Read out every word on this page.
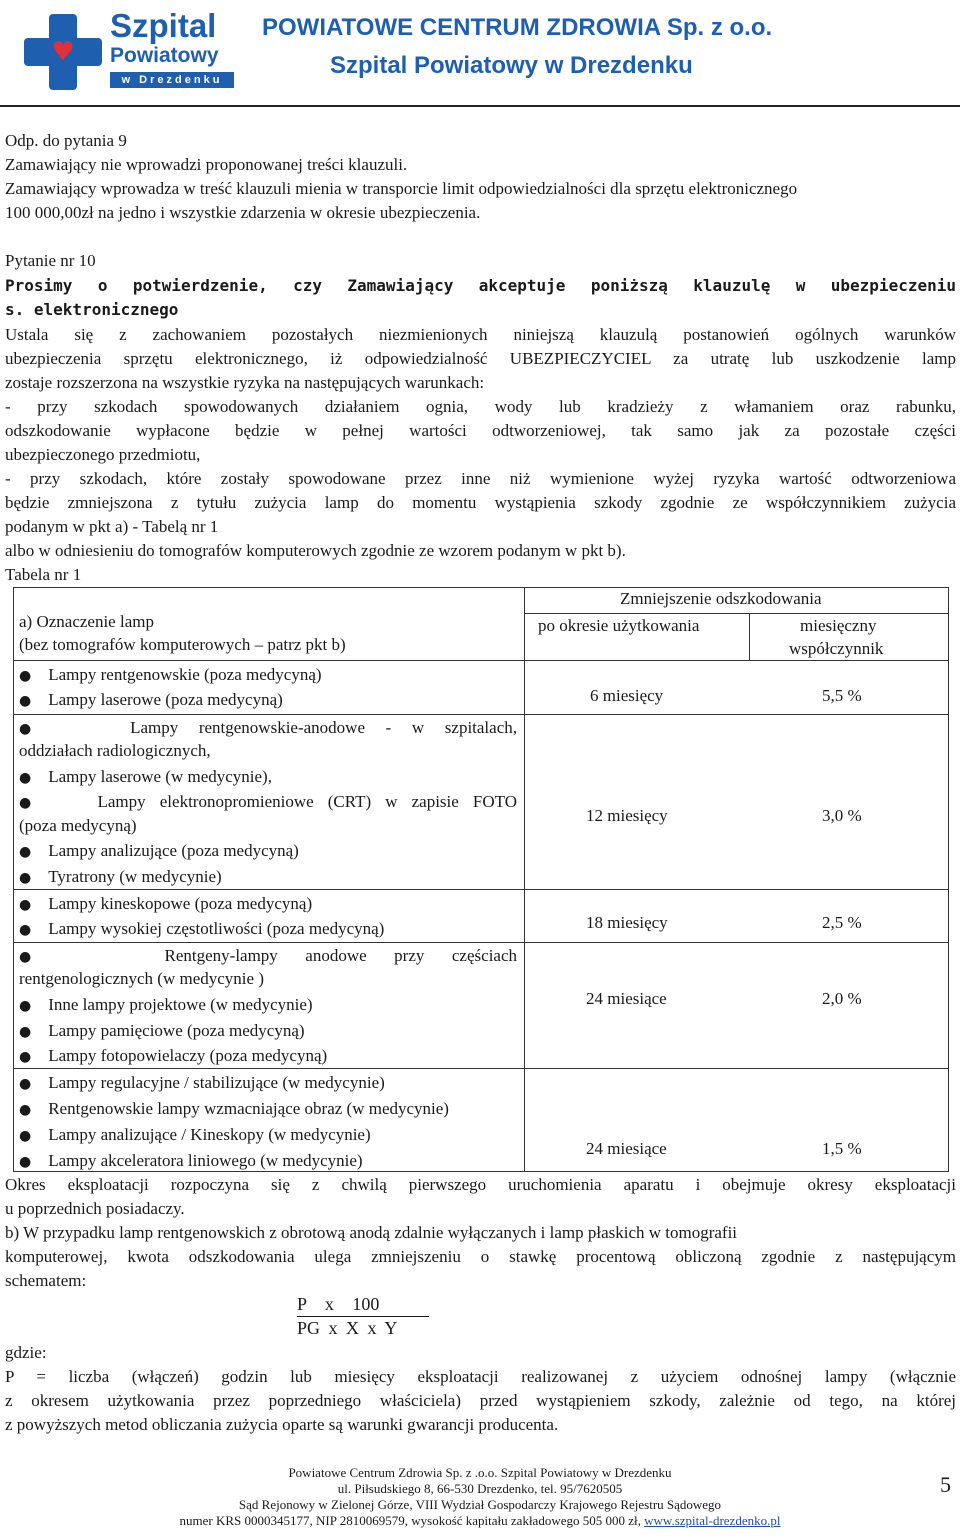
♥
Szpital
Powiatowy
w Drezdenku
POWIATOWE CENTRUM ZDROWIA Sp. z o.o.
Szpital Powiatowy w Drezdenku
Odp. do pytania 9
Zamawiający nie wprowadzi proponowanej treści klauzuli.
Zamawiający wprowadza w treść klauzuli mienia w transporcie limit odpowiedzialności dla sprzętu elektronicznego
100 000,00zł na jedno i wszystkie zdarzenia w okresie ubezpieczenia.
Pytanie nr 10
Prosimy o potwierdzenie, czy Zamawiający akceptuje poniższą klauzulę w ubezpieczeniu
s. elektronicznego
Ustala się z zachowaniem pozostałych niezmienionych niniejszą klauzulą postanowień ogólnych warunków
ubezpieczenia sprzętu elektronicznego, iż odpowiedzialność UBEZPIECZYCIEL za utratę lub uszkodzenie lamp
zostaje rozszerzona na wszystkie ryzyka na następujących warunkach:
- przy szkodach spowodowanych działaniem ognia, wody lub kradzieży z włamaniem oraz rabunku,
odszkodowanie wypłacone będzie w pełnej wartości odtworzeniowej, tak samo jak za pozostałe części
ubezpieczonego przedmiotu,
- przy szkodach, które zostały spowodowane przez inne niż wymienione wyżej ryzyka wartość odtworzeniowa
będzie zmniejszona z tytułu zużycia lamp do momentu wystąpienia szkody zgodnie ze współczynnikiem zużycia
podanym w pkt a) - Tabelą nr 1
albo w odniesieniu do tomografów komputerowych zgodnie ze wzorem podanym w pkt b).
Tabela nr 1
a) Oznaczenie lamp
(bez tomografów komputerowych – patrz pkt b)
Zmniejszenie odszkodowania
po okresie użytkowania	miesięczny
współczynnik
● Lampy rentgenowskie (poza medycyną)
● Lampy laserowe (poza medycyną)	6 miesięcy	5,5 %
●	Lampy rentgenowskie-anodowe - w szpitalach,
oddziałach radiologicznych,
● Lampy laserowe (w medycynie),
●	Lampy elektronopromieniowe (CRT) w zapisie FOTO
(poza medycyną)
● Lampy analizujące (poza medycyną)
● Tyratrony (w medycynie)
12 miesięcy	3,0 %
● Lampy kineskopowe (poza medycyną)
● Lampy wysokiej częstotliwości (poza medycyną)	18 miesięcy	2,5 %
●	Rentgeny-lampy anodowe przy częściach
rentgenologicznych (w medycynie )
● Inne lampy projektowe (w medycynie)
● Lampy pamięciowe (poza medycyną)
● Lampy fotopowielaczy (poza medycyną)
24 miesiące	2,0 %
● Lampy regulacyjne / stabilizujące (w medycynie)
● Rentgenowskie lampy wzmacniające obraz (w medycynie)
● Lampy analizujące / Kineskopy (w medycynie)
● Lampy akceleratora liniowego (w medycynie)
24 miesiące	1,5 %
Okres eksploatacji rozpoczyna się z chwilą pierwszego uruchomienia aparatu i obejmuje okresy eksploatacji
u poprzednich posiadaczy.
b) W przypadku lamp rentgenowskich z obrotową anodą zdalnie wyłączanych i lamp płaskich w tomografii
komputerowej, kwota odszkodowania ulega zmniejszeniu o stawkę procentową obliczoną zgodnie z następującym
schematem:
P x 100
PG x X x Y
gdzie:
P = liczba (włączeń) godzin lub miesięcy eksploatacji realizowanej z użyciem odnośnej lampy (włącznie
z okresem użytkowania przez poprzedniego właściciela) przed wystąpieniem szkody, zależnie od tego, na której
z powyższych metod obliczania zużycia oparte są warunki gwarancji producenta.
Powiatowe Centrum Zdrowia Sp. z .o.o. Szpital Powiatowy w Drezdenku
ul. Piłsudskiego 8, 66-530 Drezdenko, tel. 95/7620505
Sąd Rejonowy w Zielonej Górze, VIII Wydział Gospodarczy Krajowego Rejestru Sądowego
numer KRS 0000345177, NIP 2810069579, wysokość kapitału zakładowego 505 000 zł, www.szpital-drezdenko.pl
5
